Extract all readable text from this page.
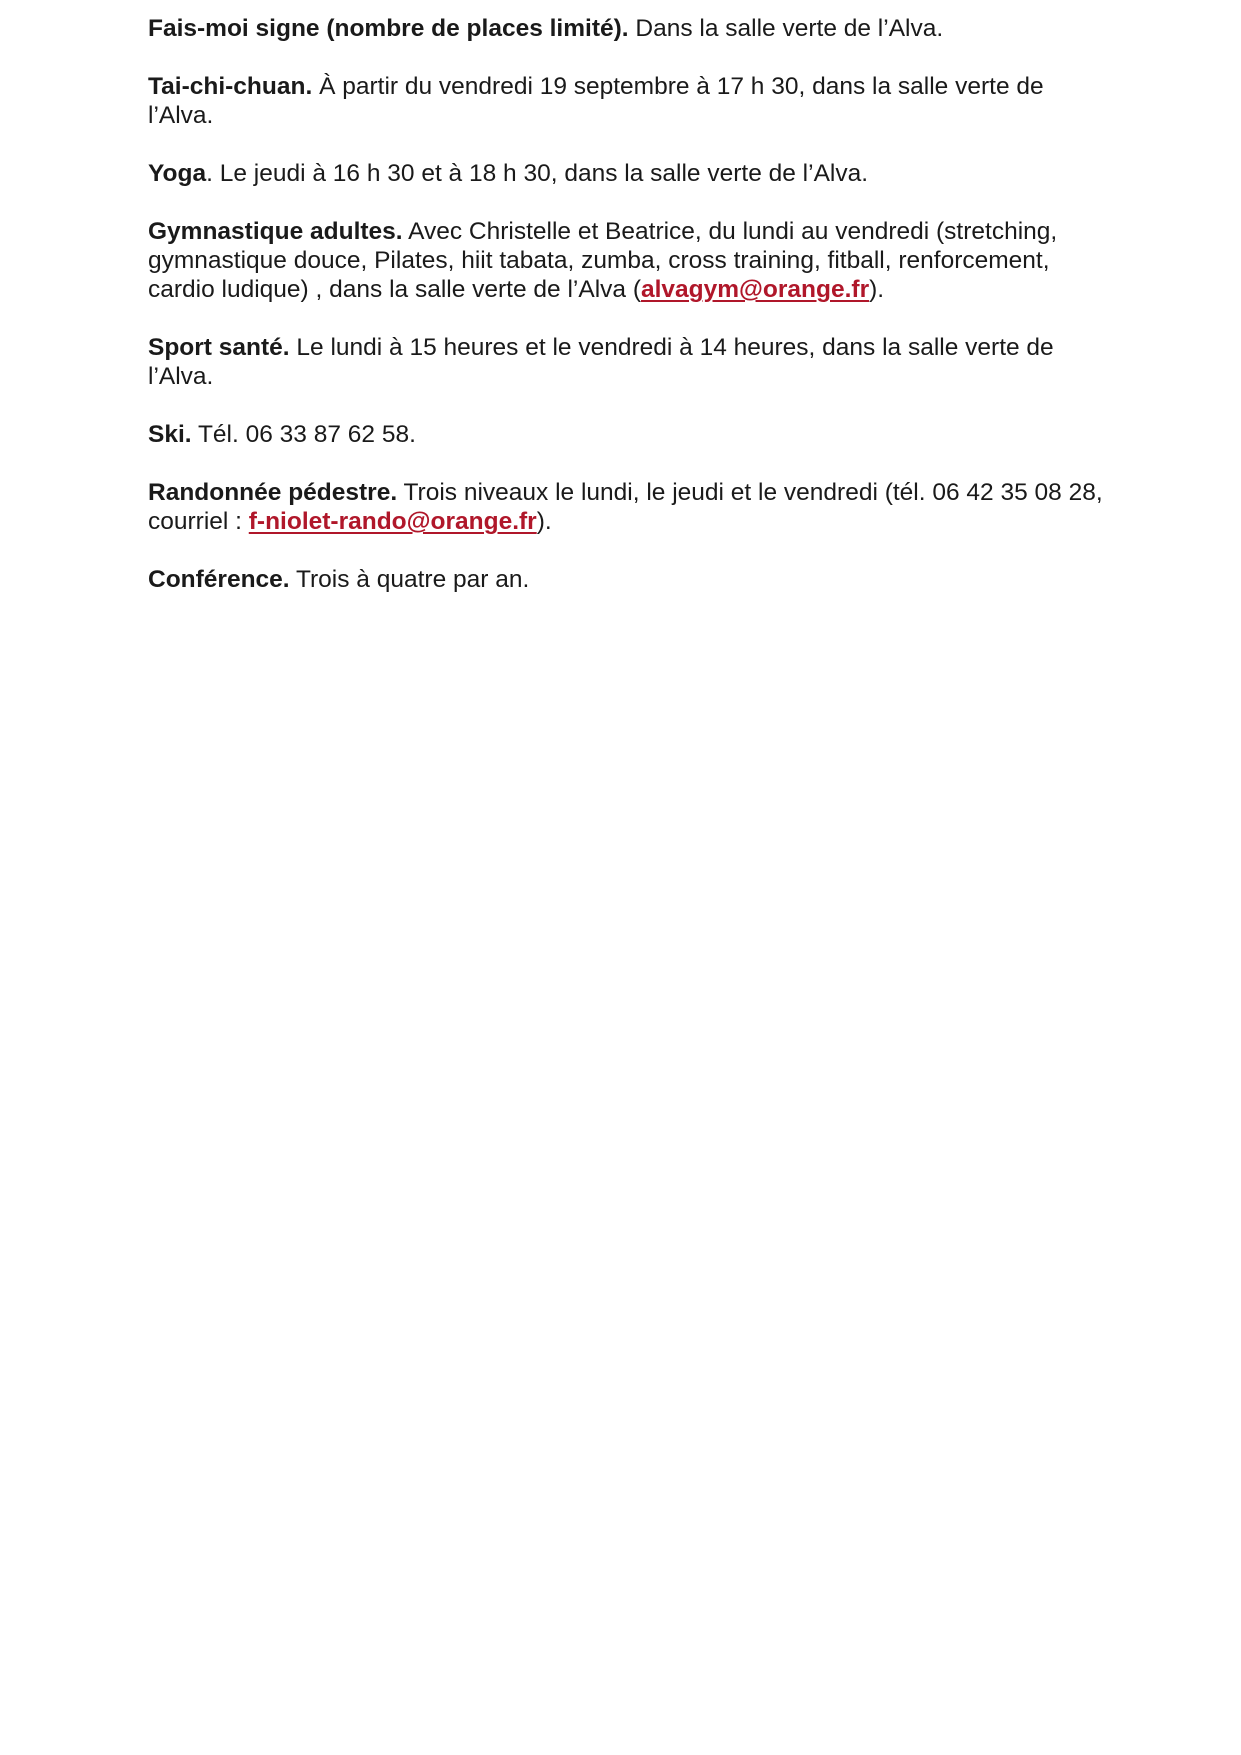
Fais-moi signe (nombre de places limité). Dans la salle verte de l’Alva.

Tai-chi-chuan. À partir du vendredi 19 septembre à 17 h 30, dans la salle verte de l’Alva.

Yoga. Le jeudi à 16 h 30 et à 18 h 30, dans la salle verte de l’Alva.

Gymnastique adultes. Avec Christelle et Beatrice, du lundi au vendredi (stretching, gymnastique douce, Pilates, hiit tabata, zumba, cross training, fitball, renforcement, cardio ludique) , dans la salle verte de l’Alva (alvagym@orange.fr).

Sport santé. Le lundi à 15 heures et le vendredi à 14 heures, dans la salle verte de l’Alva.

Ski. Tél. 06 33 87 62 58.

Randonnée pédestre. Trois niveaux le lundi, le jeudi et le vendredi (tél. 06 42 35 08 28, courriel : f-niolet-rando@orange.fr).

Conférence. Trois à quatre par an.
